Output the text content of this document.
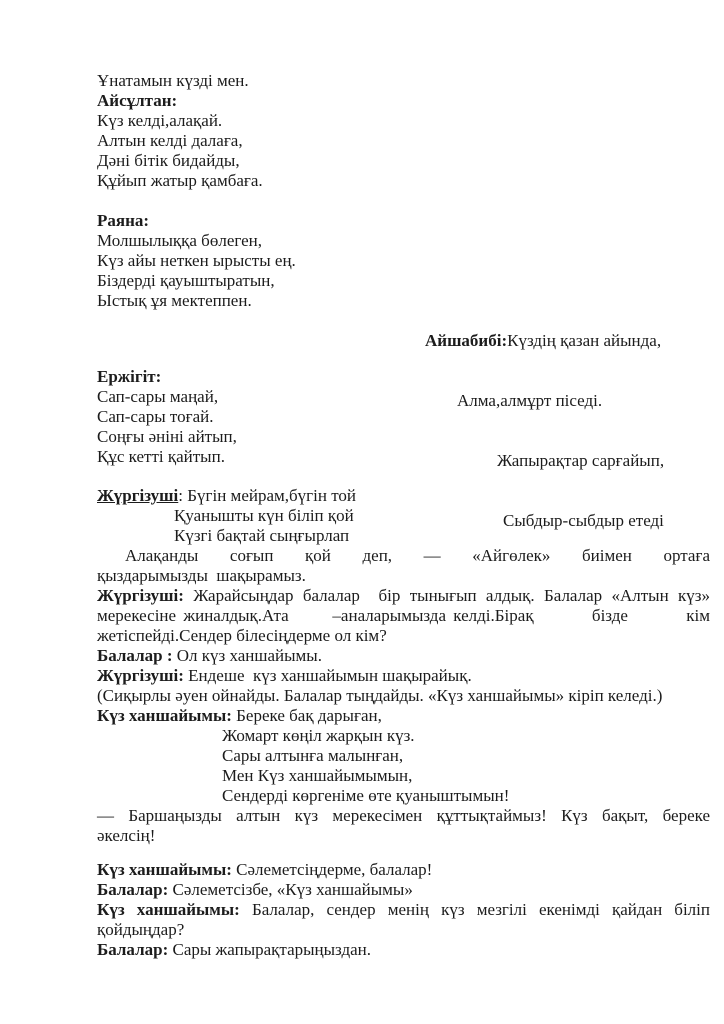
Ұнатамын күзді мен.
Айсұлтан:
Күз келді,алақай.
Алтын келді далаға,
Дәні бітік бидайды,
Құйып жатыр қамбаға.
Раяна:
Молшылыққа бөлеген,
Күз айы неткен ырысты ең.
Біздерді қауыштыратын,
Ыстық ұя мектеппен.
Ержігіт:
Сап-сары маңай,
Сап-сары тоғай.
Соңғы әніні айтып,
Құс кетті қайтып.
Жүргізуші: Бүгін мейрам,бүгін той
Қуанышты күн біліп қой
Күзгі бақтай сыңғырлап
Алақанды соғып қой деп, — «Айгөлек» биімен ортаға
қыздарымызды  шақырамыз.
Жүргізуші: Жарайсыңдар балалар  бір тынығып алдық. Балалар «Алтын күз»
мерекесіне жиналдық.Ата      –аналарымызда келді.Бірақ        бізде        кім
жетіспейді.Сендер білесіңдерме ол кім?
Балалар : Ол күз ханшайымы.
Жүргізуші: Ендеше  күз ханшайымын шақырайық.
(Сиқырлы әуен ойнайды. Балалар тыңдайды. «Күз ханшайымы» кіріп келеді.)
Күз ханшайымы: Береке бақ дарыған,
Жомарт көңіл жарқын күз.
Сары алтынға малынған,
Мен Күз ханшайымымын,
Сендерді көргеніме өте қуаныштымын!
— Баршаңызды алтын күз мерекесімен құттықтаймыз! Күз бақыт, береке
әкелсің!
Күз ханшайымы: Сәлеметсіңдерме, балалар!
Балалар: Сәлеметсізбе, «Күз ханшайымы»
Күз ханшайымы: Балалар, сендер менің күз мезгілі екенімді қайдан біліп
қойдыңдар?
Балалар: Сары жапырақтарыңыздан.

Айшабибі:Күздің қазан айында,

Алма,алмұрт піседі.

Жапырақтар сарғайып,

Сыбдыр-сыбдыр етеді
